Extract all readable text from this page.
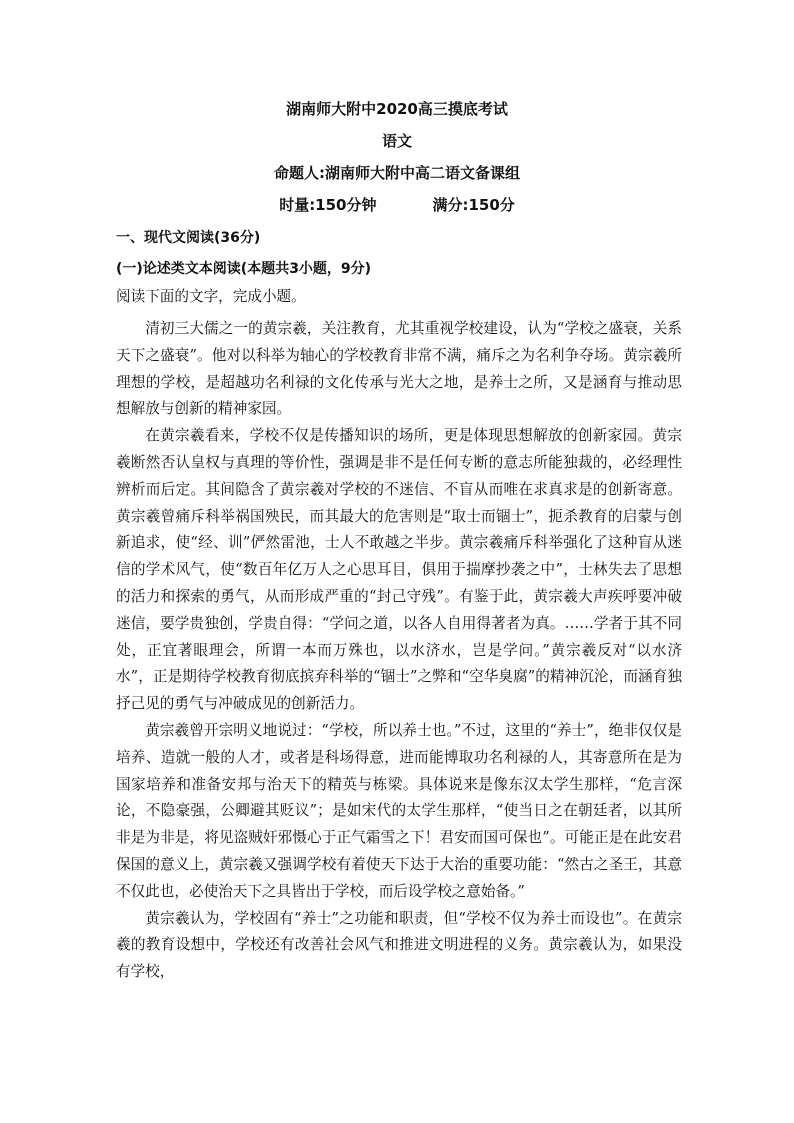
湖南师大附中2020高三摸底考试
语文
命题人:湖南师大附中高二语文备课组
时量:150分钟	满分:150分
一、现代文阅读(36分)
(一)论述类文本阅读(本题共3小题，9分)
阅读下面的文字，完成小题。

清初三大儒之一的黄宗羲，关注教育，尤其重视学校建设，认为“学校之盛衰，关系天下之盛衰”。他对以科举为轴心的学校教育非常不满，痛斥之为名利争夺场。黄宗羲所理想的学校，是超越功名利禄的文化传承与光大之地，是养士之所，又是涵育与推动思想解放与创新的精神家园。

在黄宗羲看来，学校不仅是传播知识的场所，更是体现思想解放的创新家园。黄宗羲断然否认皇权与真理的等价性，强调是非不是任何专断的意志所能独裁的，必经理性辨析而后定。其间隐含了黄宗羲对学校的不迷信、不盲从而唯在求真求是的创新寄意。黄宗羲曾痛斥科举祸国殃民，而其最大的危害则是“取士而锢士”，扼杀教育的启蒙与创新追求，使“经、训”俨然雷池，士人不敢越之半步。黄宗羲痛斥科举强化了这种盲从迷信的学术风气，使“数百年亿万人之心思耳目，俱用于揣摩抄袭之中”，士林失去了思想的活力和探索的勇气，从而形成严重的“封己守残”。有鉴于此，黄宗羲大声疾呼要冲破迷信，要学贵独创，学贵自得：“学问之道，以各人自用得著者为真。……学者于其不同处，正宜著眼理会，所谓一本而万殊也，以水济水，岂是学问。”黄宗羲反对“以水济水”，正是期待学校教育彻底摈弃科举的“锢士”之弊和“空华臭腐”的精神沉沦，而涵育独抒己见的勇气与冲破成见的创新活力。

黄宗羲曾开宗明义地说过：“学校，所以养士也。”不过，这里的“养士”，绝非仅仅是培养、造就一般的人才，或者是科场得意，进而能博取功名利禄的人，其寄意所在是为国家培养和准备安邦与治天下的精英与栋梁。具体说来是像东汉太学生那样，“危言深论，不隐豪强，公卿避其贬议”；是如宋代的太学生那样，“使当日之在朝廷者，以其所非是为非是，将见盗贼奸邪慑心于正气霜雪之下！君安而国可保也”。可能正是在此安君保国的意义上，黄宗羲又强调学校有着使天下达于大治的重要功能：“然古之圣王，其意不仅此也，必使治天下之具皆出于学校，而后设学校之意始备。”

黄宗羲认为，学校固有“养士”之功能和职责，但“学校不仅为养士而设也”。在黄宗羲的教育设想中，学校还有改善社会风气和推进文明进程的义务。黄宗羲认为，如果没有学校，
